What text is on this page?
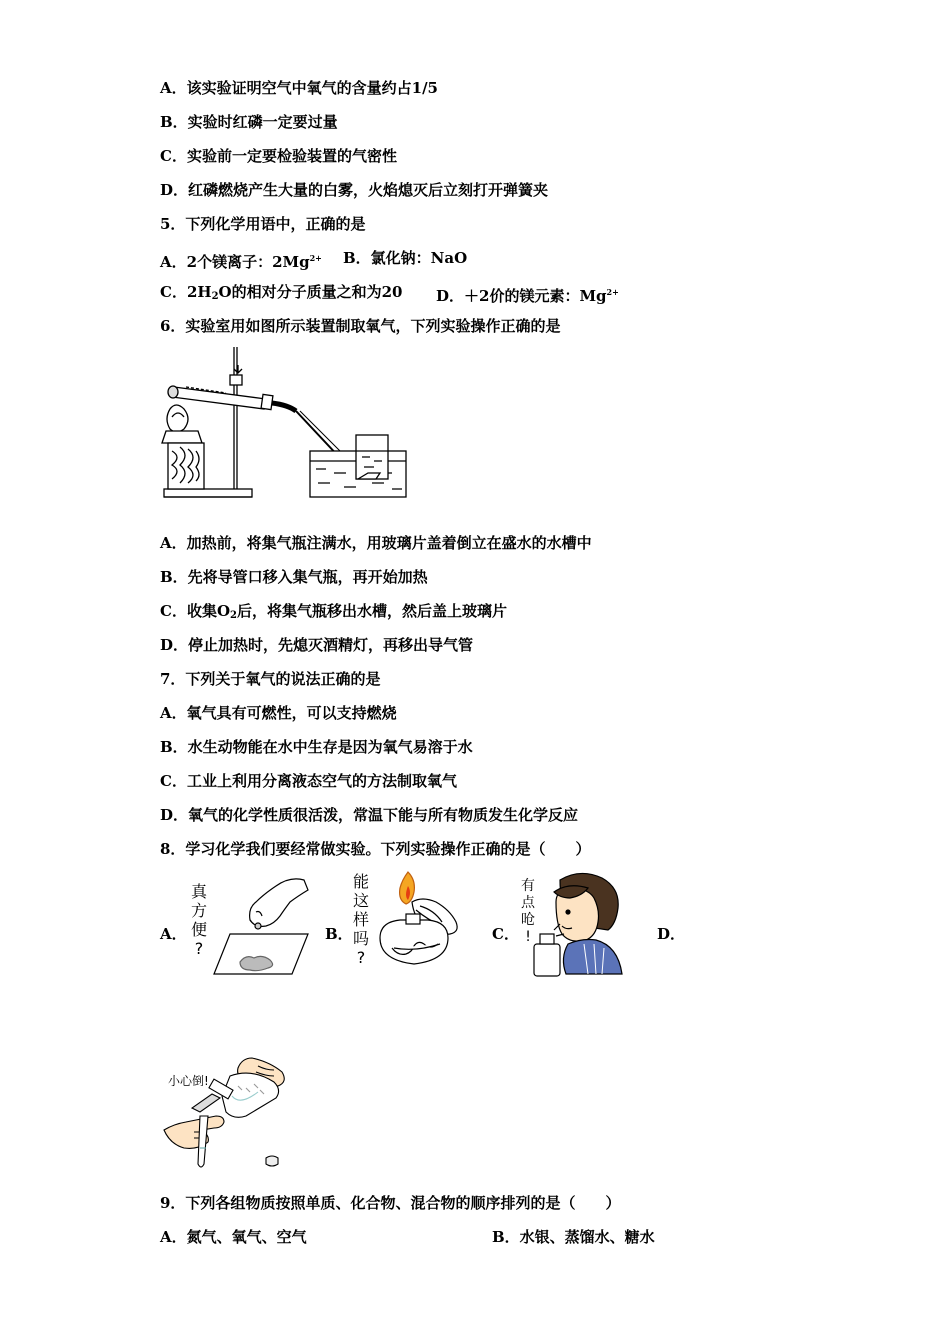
A．该实验证明空气中氧气的含量约占1/5
B．实验时红磷一定要过量
C．实验前一定要检验装置的气密性
D．红磷燃烧产生大量的白雾，火焰熄灭后立刻打开弹簧夹
5．下列化学用语中，正确的是
A．2个镁离子：$2Mg^{2+}$ B．氯化钠：NaO
C．$2H_2O$的相对分子质量之和为20 D．＋2价的镁元素：$Mg^{2+}$
6．实验室用如图所示装置制取氧气，下列实验操作正确的是
A．加热前，将集气瓶注满水，用玻璃片盖着倒立在盛水的水槽中
B．先将导管口移入集气瓶，再开始加热
C．收集$O_2$后，将集气瓶移出水槽，然后盖上玻璃片
D．停止加热时，先熄灭酒精灯，再移出导气管
7．下列关于氧气的说法正确的是
A．氧气具有可燃性，可以支持燃烧
B．水生动物能在水中生存是因为氧气易溶于水
C．工业上利用分离液态空气的方法制取氧气
D．氧气的化学性质很活泼，常温下能与所有物质发生化学反应
8．学习化学我们要经常做实验。下列实验操作正确的是（　　）
A．
真
方
便
?
B．
能
这
样
吗
?
C．
有
点
呛
!	D．
小心倒!
9．下列各组物质按照单质、化合物、混合物的顺序排列的是（　　）
A．氮气、氧气、空气	B．水银、蒸馏水、糖水
